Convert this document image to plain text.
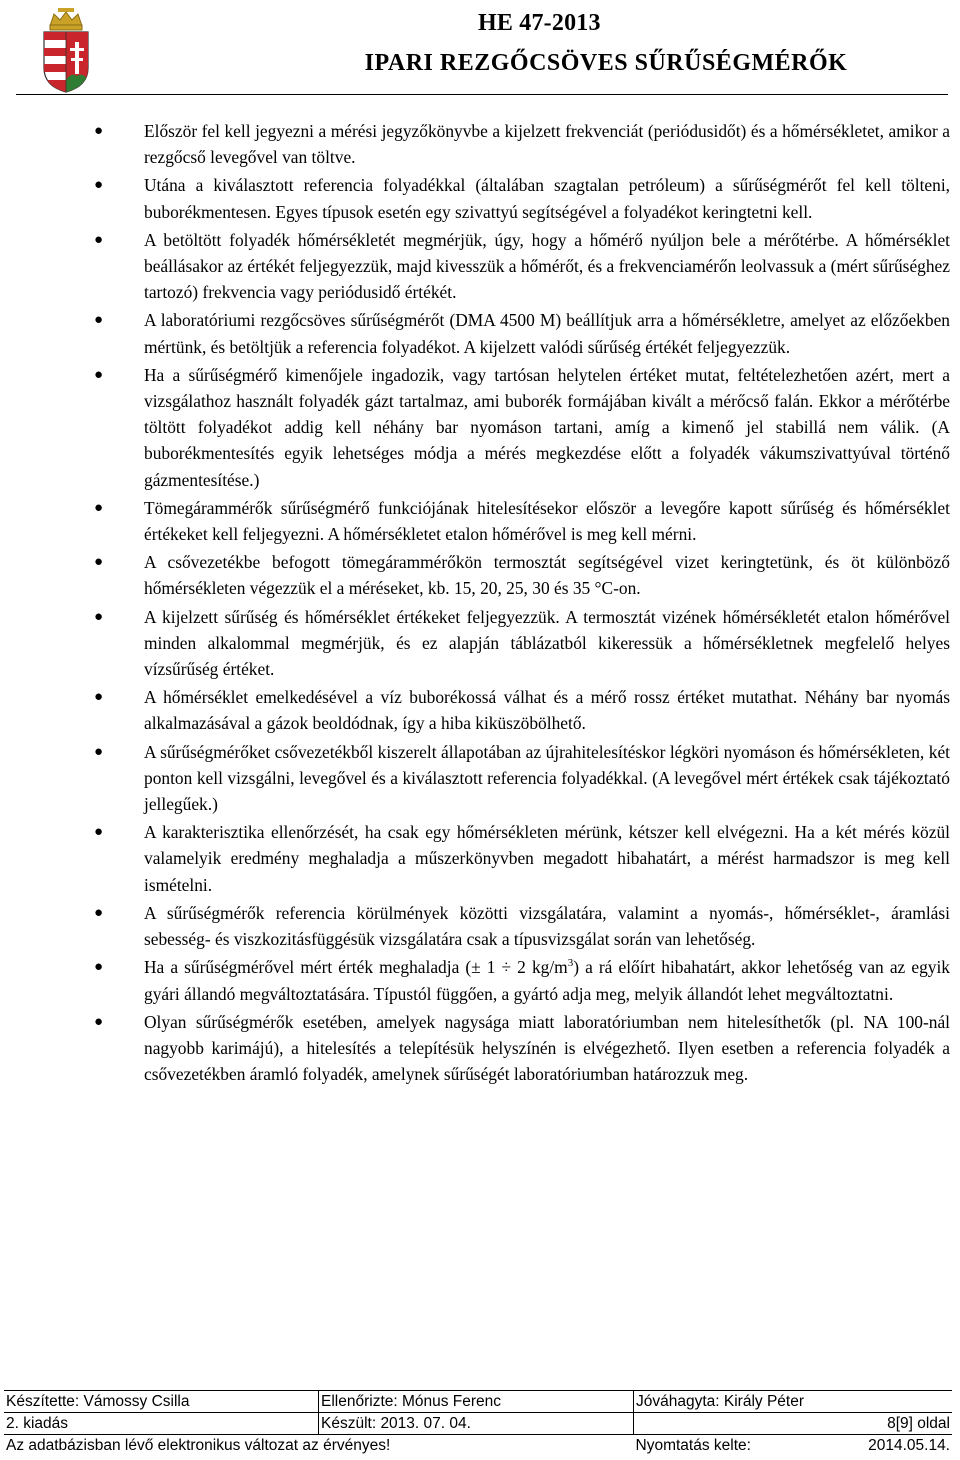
HE 47-2013
IPARI REZGŐCSÖVES SŰRŰSÉGMÉRŐK
● Először fel kell jegyezni a mérési jegyzőkönyvbe a kijelzett frekvenciát (periódusidőt) és a hőmérsékletet, amikor a rezgőcső levegővel van töltve.
● Utána a kiválasztott referencia folyadékkal (általában szagtalan petróleum) a sűrűségmérőt fel kell tölteni, buborékmentesen. Egyes típusok esetén egy szivattyú segítségével a folyadékot keringtetni kell.
● A betöltött folyadék hőmérsékletét megmérjük, úgy, hogy a hőmérő nyúljon bele a mérőtérbe. A hőmérséklet beállásakor az értékét feljegyezzük, majd kivesszük a hőmérőt, és a frekvenciamérőn leolvassuk a (mért sűrűséghez tartozó) frekvencia vagy periódusidő értékét.
● A laboratóriumi rezgőcsöves sűrűségmérőt (DMA 4500 M) beállítjuk arra a hőmérsékletre, amelyet az előzőekben mértünk, és betöltjük a referencia folyadékot. A kijelzett valódi sűrűség értékét feljegyezzük.
● Ha a sűrűségmérő kimenőjele ingadozik, vagy tartósan helytelen értéket mutat, feltételezhetően azért, mert a vizsgálathoz használt folyadék gázt tartalmaz, ami buborék formájában kivált a mérőcső falán. Ekkor a mérőtérbe töltött folyadékot addig kell néhány bar nyomáson tartani, amíg a kimenő jel stabillá nem válik. (A buborékmentesítés egyik lehetséges módja a mérés megkezdése előtt a folyadék vákumszivattyúval történő gázmentesítése.)
● Tömegárammérők sűrűségmérő funkciójának hitelesítésekor először a levegőre kapott sűrűség és hőmérséklet értékeket kell feljegyezni. A hőmérsékletet etalon hőmérővel is meg kell mérni.
● A csővezetékbe befogott tömegárammérőkön termosztát segítségével vizet keringtetünk, és öt különböző hőmérsékleten végezzük el a méréseket, kb. 15, 20, 25, 30 és 35 °C-on.
● A kijelzett sűrűség és hőmérséklet értékeket feljegyezzük. A termosztát vizének hőmérsékletét etalon hőmérővel minden alkalommal megmérjük, és ez alapján táblázatból kikeressük a hőmérsékletnek megfelelő helyes vízsűrűség értéket.
● A hőmérséklet emelkedésével a víz buborékossá válhat és a mérő rossz értéket mutathat. Néhány bar nyomás alkalmazásával a gázok beoldódnak, így a hiba kiküszöbölhető.
● A sűrűségmérőket csővezetékből kiszerelt állapotában az újrahitelesítéskor légköri nyomáson és hőmérsékleten, két ponton kell vizsgálni, levegővel és a kiválasztott referencia folyadékkal. (A levegővel mért értékek csak tájékoztató jellegűek.)
● A karakterisztika ellenőrzését, ha csak egy hőmérsékleten mérünk, kétszer kell elvégezni. Ha a két mérés közül valamelyik eredmény meghaladja a műszerkönyvben megadott hibahatárt, a mérést harmadszor is meg kell ismételni.
● A sűrűségmérők referencia körülmények közötti vizsgálatára, valamint a nyomás-, hőmérséklet-, áramlási sebesség- és viszkozitásfüggésük vizsgálatára csak a típusvizsgálat során van lehetőség.
● Ha a sűrűségmérővel mért érték meghaladja (± 1 ÷ 2 $kg/m^3$) a rá előírt hibahatárt, akkor lehetőség van az egyik gyári állandó megváltoztatására. Típustól függően, a gyártó adja meg, melyik állandót lehet megváltoztatni.
● Olyan sűrűségmérők esetében, amelyek nagysága miatt laboratóriumban nem hitelesíthetők (pl. NA 100-nál nagyobb karimájú), a hitelesítés a telepítésük helyszínén is elvégezhető. Ilyen esetben a referencia folyadék a csővezetékben áramló folyadék, amelynek sűrűségét laboratóriumban határozzuk meg.
Készítette: Vámossy Csilla	Ellenőrizte: Mónus Ferenc	Jóváhagyta: Király Péter
2. kiadás	Készült: 2013. 07. 04.	8[9] oldal
Az adatbázisban lévő elektronikus változat az érvényes!		Nyomtatás kelte: 2014.05.14.
